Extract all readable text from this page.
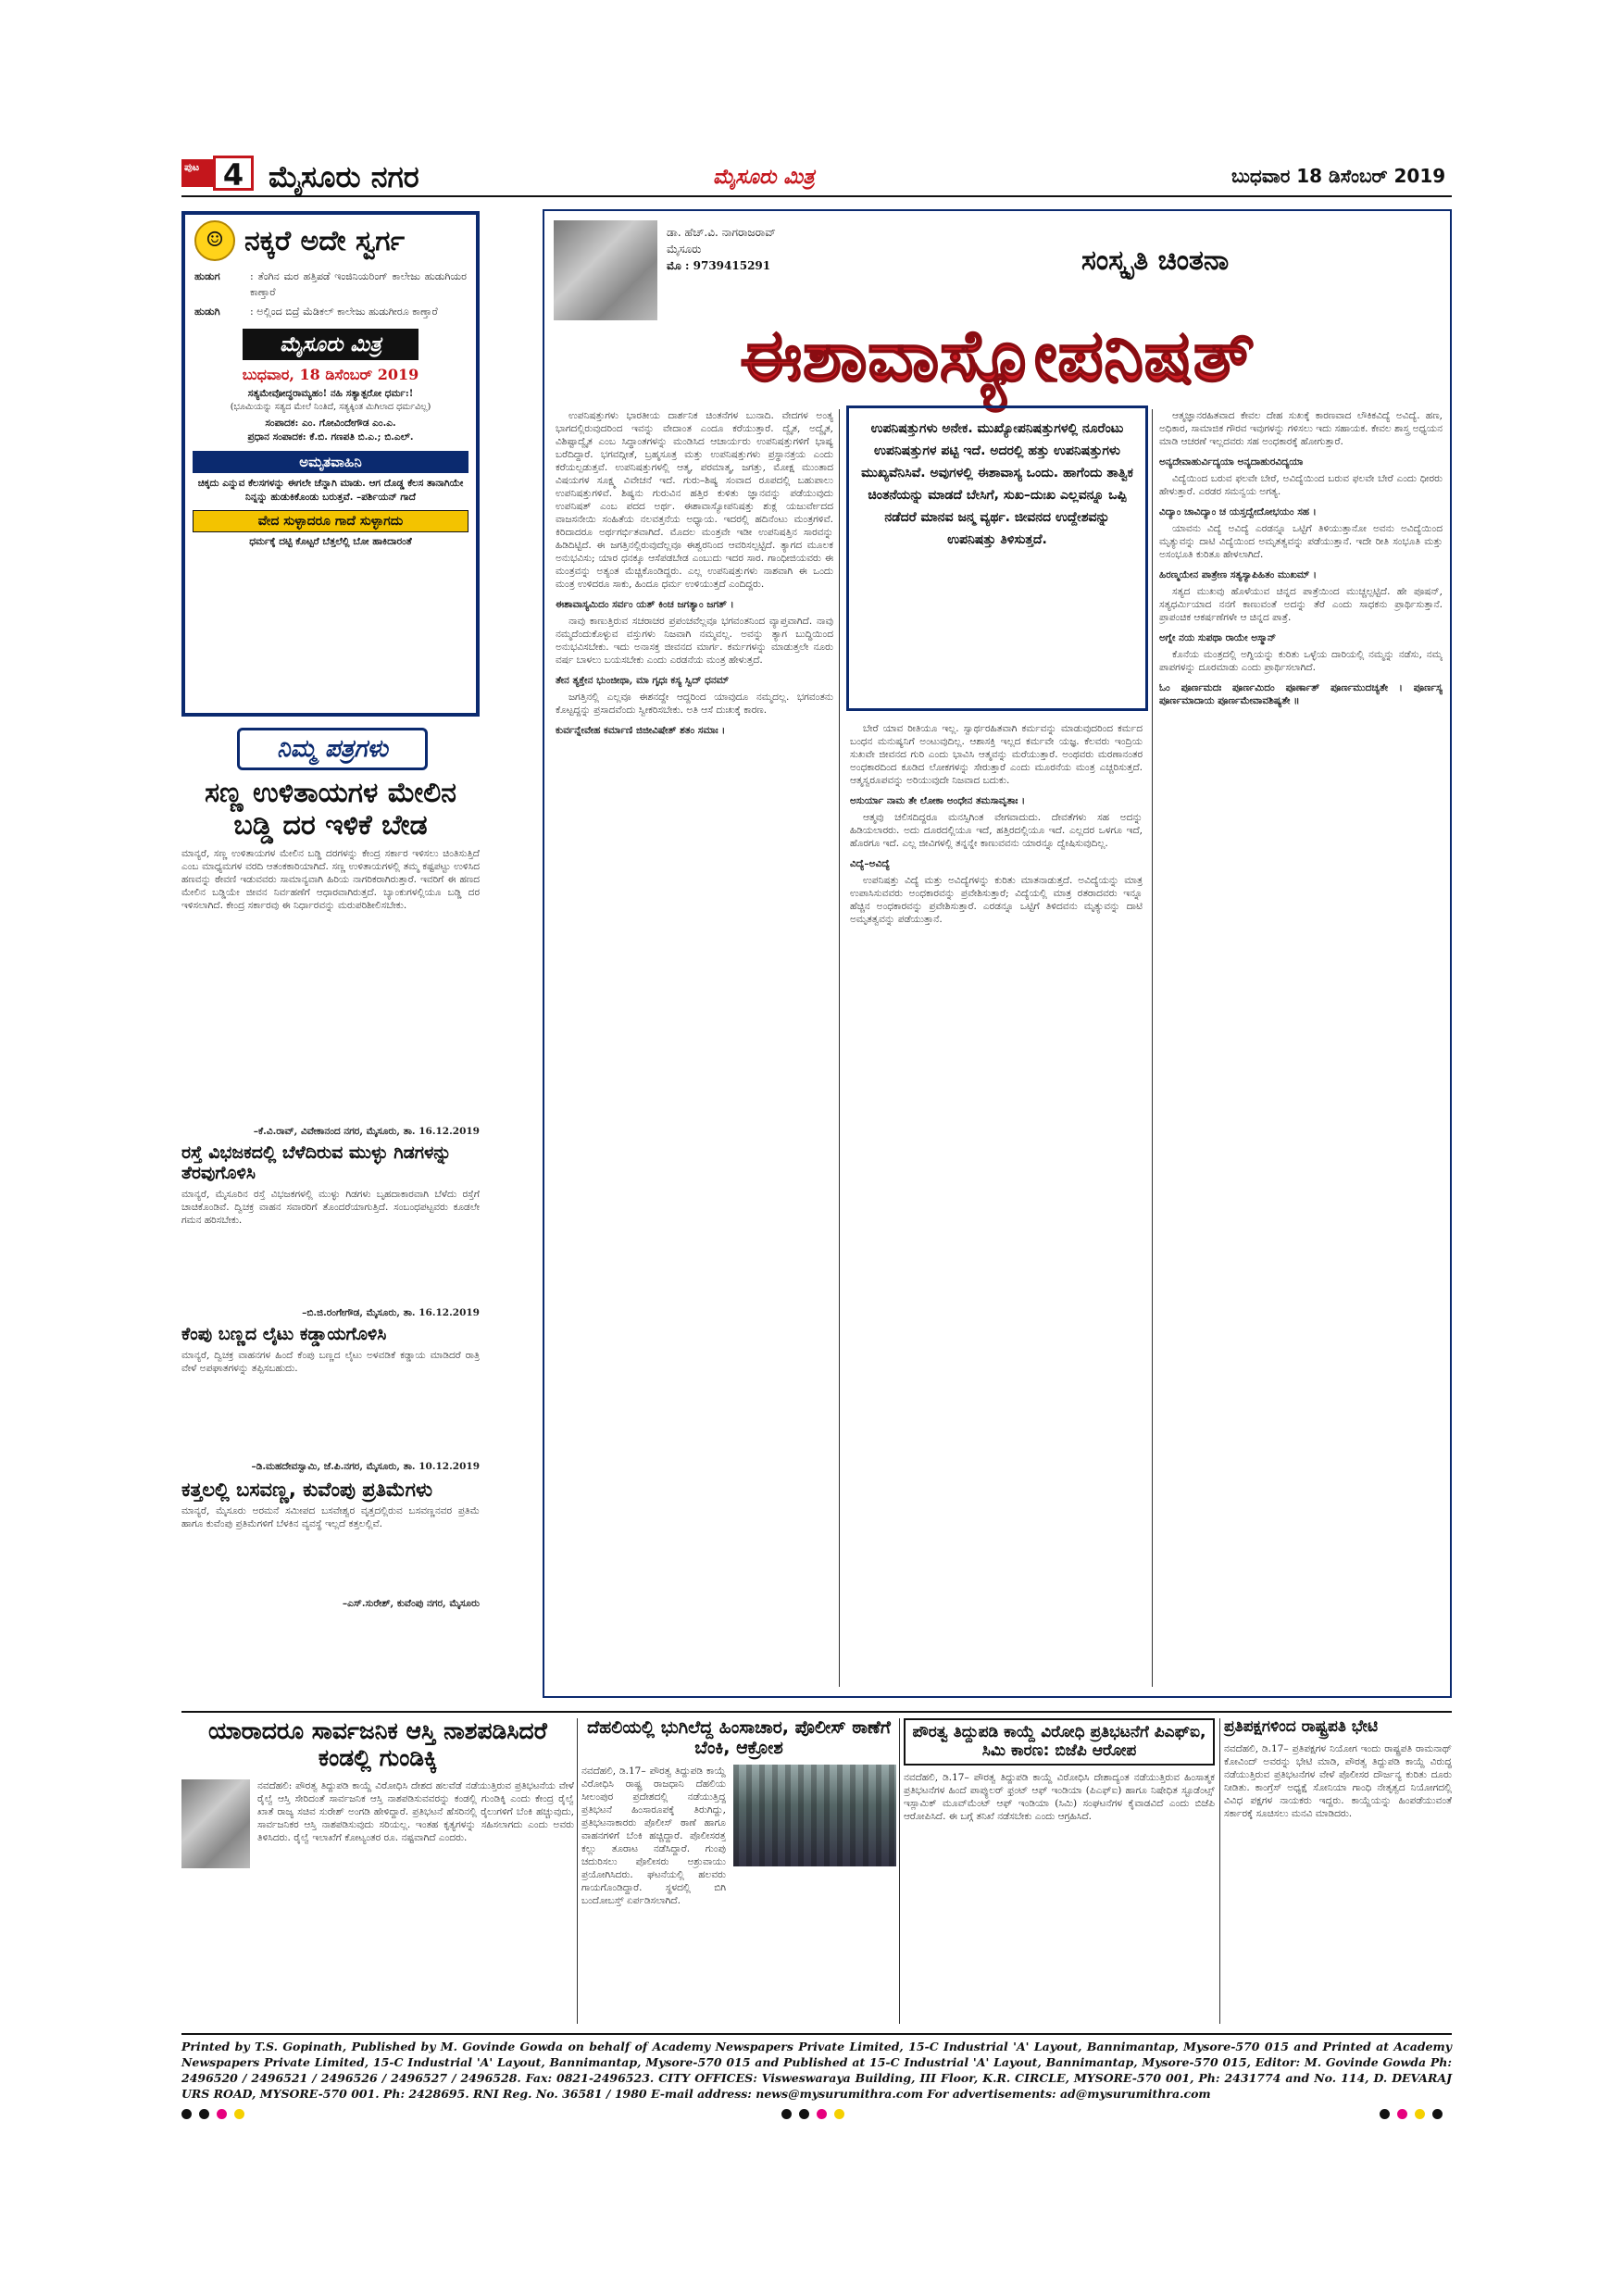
ಪುಟ 4 ಮೈಸೂರು ನಗರ	ಮೈಸೂರು ಮಿತ್ರ	ಬುಧವಾರ 18 ಡಿಸೆಂಬರ್ 2019
☺ ನಕ್ಕರೆ ಅದೇ ಸ್ವರ್ಗ
ಹುಡುಗ	: ತೆಂಗಿನ ಮರ ಹತ್ತಿಪಡೆ ಇಂಜಿನಿಯರಿಂಗ್ ಕಾಲೇಜು ಹುಡುಗಿಯರ ಕಾಣ್ತಾರೆ
ಹುಡುಗಿ	: ಅಲ್ಲಿಂದ ಬಿದ್ರೆ ಮೆಡಿಕಲ್ ಕಾಲೇಜು ಹುಡುಗೀರೂ ಕಾಣ್ತಾರೆ
ಮೈಸೂರು ಮಿತ್ರ
ಬುಧವಾರ, 18 ಡಿಸೆಂಬರ್ 2019
ಸತ್ಯಮೇವೋದ್ಧರಾಮ್ಯಹಂ! ನಹಿ ಸತ್ಯಾತ್ಪರೋ ಧರ್ಮ:!
(ಭೂಮಿಯನ್ನು ಸತ್ಯದ ಮೇಲೆ ನಿಂತಿದೆ, ಸತ್ಯಕ್ಕಿಂತ ಮಿಗಿಲಾದ ಧರ್ಮವಿಲ್ಲ)
ಸಂಪಾದಕ: ಎಂ. ಗೋವಿಂದೇಗೌಡ ಎಂ.ಎ.
ಪ್ರಧಾನ ಸಂಪಾದಕ: ಕೆ.ಬಿ. ಗಣಪತಿ ಬಿ.ಎ.; ಬಿ.ಎಲ್.
ಅಮೃತವಾಹಿನಿ
ಚಿಕ್ಕದು ಎನ್ನುವ ಕೆಲಸಗಳನ್ನು ಈಗಲೇ ಚೆನ್ನಾಗಿ ಮಾಡು. ಆಗ ದೊಡ್ಡ ಕೆಲಸ ತಾನಾಗಿಯೇ ನಿನ್ನನ್ನು ಹುಡುಕಿಕೊಂಡು ಬರುತ್ತವೆ. –ಪರ್ಶಿಯನ್ ಗಾದೆ
ವೇದ ಸುಳ್ಳಾದರೂ ಗಾದೆ ಸುಳ್ಳಾಗದು
ಧರ್ಮಕ್ಕೆ ದಟ್ಟಿ ಕೊಟ್ಟರೆ ಬೆತ್ತಲೆಲ್ಲಿ ಬೋ ಹಾಕಿದಾರಂತೆ
ನಿಮ್ಮ ಪತ್ರಗಳು
ಸಣ್ಣ ಉಳಿತಾಯಗಳ ಮೇಲಿನ ಬಡ್ಡಿ ದರ ಇಳಿಕೆ ಬೇಡ
ಮಾನ್ಯರೆ, ಸಣ್ಣ ಉಳಿತಾಯಗಳ ಮೇಲಿನ ಬಡ್ಡಿ ದರಗಳನ್ನು ಕೇಂದ್ರ ಸರ್ಕಾರ ಇಳಿಸಲು ಚಿಂತಿಸುತ್ತಿದೆ ಎಂಬ ಮಾಧ್ಯಮಗಳ ವರದಿ ಆತಂಕಕಾರಿಯಾಗಿದೆ. ಸಣ್ಣ ಉಳಿತಾಯಗಳಲ್ಲಿ ತಮ್ಮ ಕಷ್ಟಪಟ್ಟು ಉಳಿಸಿದ ಹಣವನ್ನು ಠೇವಣಿ ಇಡುವವರು ಸಾಮಾನ್ಯವಾಗಿ ಹಿರಿಯ ನಾಗರಿಕರಾಗಿರುತ್ತಾರೆ. ಇವರಿಗೆ ಈ ಹಣದ ಮೇಲಿನ ಬಡ್ಡಿಯೇ ಜೀವನ ನಿರ್ವಹಣೆಗೆ ಆಧಾರವಾಗಿರುತ್ತದೆ. ಬ್ಯಾಂಕುಗಳಲ್ಲಿಯೂ ಬಡ್ಡಿ ದರ ಇಳಿಸಲಾಗಿದೆ. ಕೇಂದ್ರ ಸರ್ಕಾರವು ಈ ನಿರ್ಧಾರವನ್ನು ಮರುಪರಿಶೀಲಿಸಬೇಕು.
–ಕೆ.ವಿ.ರಾವ್, ವಿವೇಕಾನಂದ ನಗರ, ಮೈಸೂರು, ತಾ. 16.12.2019
ರಸ್ತೆ ವಿಭಜಕದಲ್ಲಿ ಬೆಳೆದಿರುವ ಮುಳ್ಳು ಗಿಡಗಳನ್ನು ತೆರವುಗೊಳಿಸಿ
ಮಾನ್ಯರೆ, ಮೈಸೂರಿನ ರಸ್ತೆ ವಿಭಜಕಗಳಲ್ಲಿ ಮುಳ್ಳು ಗಿಡಗಳು ಬೃಹದಾಕಾರವಾಗಿ ಬೆಳೆದು ರಸ್ತೆಗೆ ಚಾಚಿಕೊಂಡಿವೆ. ದ್ವಿಚಕ್ರ ವಾಹನ ಸವಾರರಿಗೆ ತೊಂದರೆಯಾಗುತ್ತಿದೆ. ಸಂಬಂಧಪಟ್ಟವರು ಕೂಡಲೇ ಗಮನ ಹರಿಸಬೇಕು.
–ಬಿ.ಜಿ.ರಂಗೇಗೌಡ, ಮೈಸೂರು, ತಾ. 16.12.2019
ಕೆಂಪು ಬಣ್ಣದ ಲೈಟು ಕಡ್ಡಾಯಗೊಳಿಸಿ
ಮಾನ್ಯರೆ, ದ್ವಿಚಕ್ರ ವಾಹನಗಳ ಹಿಂದೆ ಕೆಂಪು ಬಣ್ಣದ ಲೈಟು ಅಳವಡಿಕೆ ಕಡ್ಡಾಯ ಮಾಡಿದರೆ ರಾತ್ರಿ ವೇಳೆ ಅಪಘಾತಗಳನ್ನು ತಪ್ಪಿಸಬಹುದು.
–ಡಿ.ಮಹದೇವಸ್ವಾಮಿ, ಜೆ.ಪಿ.ನಗರ, ಮೈಸೂರು, ತಾ. 10.12.2019
ಕತ್ತಲಲ್ಲಿ ಬಸವಣ್ಣ, ಕುವೆಂಪು ಪ್ರತಿಮೆಗಳು
ಮಾನ್ಯರೆ, ಮೈಸೂರು ಅರಮನೆ ಸಮೀಪದ ಬಸವೇಶ್ವರ ವೃತ್ತದಲ್ಲಿರುವ ಬಸವಣ್ಣನವರ ಪ್ರತಿಮೆ ಹಾಗೂ ಕುವೆಂಪು ಪ್ರತಿಮೆಗಳಿಗೆ ಬೆಳಕಿನ ವ್ಯವಸ್ಥೆ ಇಲ್ಲದೆ ಕತ್ತಲಲ್ಲಿವೆ.
–ಎಸ್.ಸುರೇಶ್, ಕುವೆಂಪು ನಗರ, ಮೈಸೂರು
ಡಾ. ಹೆಚ್.ವಿ. ನಾಗರಾಜರಾವ್
ಮೈಸೂರು
ಮೊ : 9739415291	ಸಂಸ್ಕೃತಿ ಚಿಂತನಾ
ಈಶಾವಾಸ್ಯೋಪನಿಷತ್

ಉಪನಿಷತ್ತುಗಳು ಭಾರತೀಯ ದಾರ್ಶನಿಕ ಚಿಂತನೆಗಳ ಬುನಾದಿ. ವೇದಗಳ ಅಂತ್ಯ ಭಾಗದಲ್ಲಿರುವುದರಿಂದ ಇವನ್ನು ವೇದಾಂತ ಎಂದೂ ಕರೆಯುತ್ತಾರೆ. ದ್ವೈತ, ಅದ್ವೈತ, ವಿಶಿಷ್ಟಾದ್ವೈತ ಎಂಬ ಸಿದ್ಧಾಂತಗಳನ್ನು ಮಂಡಿಸಿದ ಆಚಾರ್ಯರು ಉಪನಿಷತ್ತುಗಳಿಗೆ ಭಾಷ್ಯ ಬರೆದಿದ್ದಾರೆ. ಭಗವದ್ಗೀತೆ, ಬ್ರಹ್ಮಸೂತ್ರ ಮತ್ತು ಉಪನಿಷತ್ತುಗಳು ಪ್ರಸ್ಥಾನತ್ರಯ ಎಂದು ಕರೆಯಲ್ಪಡುತ್ತವೆ. ಉಪನಿಷತ್ತುಗಳಲ್ಲಿ ಆತ್ಮ, ಪರಮಾತ್ಮ, ಜಗತ್ತು, ಮೋಕ್ಷ ಮುಂತಾದ ವಿಷಯಗಳ ಸೂಕ್ಷ್ಮ ವಿವೇಚನೆ ಇದೆ. ಗುರು–ಶಿಷ್ಯ ಸಂವಾದ ರೂಪದಲ್ಲಿ ಬಹುಪಾಲು ಉಪನಿಷತ್ತುಗಳಿವೆ. ಶಿಷ್ಯನು ಗುರುವಿನ ಹತ್ತಿರ ಕುಳಿತು ಜ್ಞಾನವನ್ನು ಪಡೆಯುವುದು ಉಪನಿಷತ್ ಎಂಬ ಪದದ ಅರ್ಥ. ಈಶಾವಾಸ್ಯೋಪನಿಷತ್ತು ಶುಕ್ಲ ಯಜುರ್ವೇದದ ವಾಜಸನೇಯಿ ಸಂಹಿತೆಯ ನಲವತ್ತನೆಯ ಅಧ್ಯಾಯ. ಇದರಲ್ಲಿ ಹದಿನೆಂಟು ಮಂತ್ರಗಳಿವೆ. ಕಿರಿದಾದರೂ ಅರ್ಥಗರ್ಭಿತವಾಗಿದೆ. ಮೊದಲ ಮಂತ್ರವೇ ಇಡೀ ಉಪನಿಷತ್ತಿನ ಸಾರವನ್ನು ಹಿಡಿದಿಟ್ಟಿದೆ. ಈ ಜಗತ್ತಿನಲ್ಲಿರುವುದೆಲ್ಲವೂ ಈಶ್ವರನಿಂದ ಆವರಿಸಲ್ಪಟ್ಟಿದೆ. ತ್ಯಾಗದ ಮೂಲಕ ಅನುಭವಿಸು; ಯಾರ ಧನಕ್ಕೂ ಆಸೆಪಡಬೇಡ ಎಂಬುದು ಇದರ ಸಾರ. ಗಾಂಧೀಜಿಯವರು ಈ ಮಂತ್ರವನ್ನು ಅತ್ಯಂತ ಮೆಚ್ಚಿಕೊಂಡಿದ್ದರು. ಎಲ್ಲ ಉಪನಿಷತ್ತುಗಳು ನಾಶವಾಗಿ ಈ ಒಂದು ಮಂತ್ರ ಉಳಿದರೂ ಸಾಕು, ಹಿಂದೂ ಧರ್ಮ ಉಳಿಯುತ್ತದೆ ಎಂದಿದ್ದರು.

ಈಶಾವಾಸ್ಯಮಿದಂ ಸರ್ವಂ ಯತ್ ಕಿಂಚ ಜಗತ್ಯಾಂ ಜಗತ್ ।

ನಾವು ಕಾಣುತ್ತಿರುವ ಸಚರಾಚರ ಪ್ರಪಂಚವೆಲ್ಲವೂ ಭಗವಂತನಿಂದ ವ್ಯಾಪ್ತವಾಗಿದೆ. ನಾವು ನಮ್ಮದೆಂದುಕೊಳ್ಳುವ ವಸ್ತುಗಳು ನಿಜವಾಗಿ ನಮ್ಮವಲ್ಲ. ಅವನ್ನು ತ್ಯಾಗ ಬುದ್ಧಿಯಿಂದ ಅನುಭವಿಸಬೇಕು. ಇದು ಅನಾಸಕ್ತ ಜೀವನದ ಮಾರ್ಗ. ಕರ್ಮಗಳನ್ನು ಮಾಡುತ್ತಲೇ ನೂರು ವರ್ಷ ಬಾಳಲು ಬಯಸಬೇಕು ಎಂದು ಎರಡನೆಯ ಮಂತ್ರ ಹೇಳುತ್ತದೆ.

ತೇನ ತ್ಯಕ್ತೇನ ಭುಂಜೀಥಾ, ಮಾ ಗೃಧಃ ಕಸ್ಯ ಸ್ವಿದ್ ಧನಮ್

ಜಗತ್ತಿನಲ್ಲಿ ಎಲ್ಲವೂ ಈಶನದ್ದೇ ಆದ್ದರಿಂದ ಯಾವುದೂ ನಮ್ಮದಲ್ಲ. ಭಗವಂತನು ಕೊಟ್ಟದ್ದನ್ನು ಪ್ರಸಾದವೆಂದು ಸ್ವೀಕರಿಸಬೇಕು. ಅತಿ ಆಸೆ ದುಃಖಕ್ಕೆ ಕಾರಣ.

ಕುರ್ವನ್ನೇವೇಹ ಕರ್ಮಾಣಿ ಜಿಜೀವಿಷೇತ್ ಶತಂ ಸಮಾಃ ।

ಉಪನಿಷತ್ತುಗಳು ಅನೇಕ. ಮುಖ್ಯೋಪನಿಷತ್ತುಗಳಲ್ಲಿ ನೂರೆಂಟು ಉಪನಿಷತ್ತುಗಳ ಪಟ್ಟಿ ಇದೆ. ಅದರಲ್ಲಿ ಹತ್ತು ಉಪನಿಷತ್ತುಗಳು ಮುಖ್ಯವೆನಿಸಿವೆ. ಅವುಗಳಲ್ಲಿ ಈಶಾವಾಸ್ಯ ಒಂದು. ಹಾಗೆಂದು ತಾತ್ವಿಕ ಚಿಂತನೆಯನ್ನು ಮಾಡದೆ ಬೇಸಿಗೆ, ಸುಖ–ದುಃಖ ಎಲ್ಲವನ್ನೂ ಒಪ್ಪಿ ನಡೆದರೆ ಮಾನವ ಜನ್ಮ ವ್ಯರ್ಥ. ಜೀವನದ ಉದ್ದೇಶವನ್ನು ಉಪನಿಷತ್ತು ತಿಳಿಸುತ್ತದೆ.

ಬೇರೆ ಯಾವ ರೀತಿಯೂ ಇಲ್ಲ. ಸ್ವಾರ್ಥರಹಿತವಾಗಿ ಕರ್ಮವನ್ನು ಮಾಡುವುದರಿಂದ ಕರ್ಮದ ಬಂಧನ ಮನುಷ್ಯನಿಗೆ ಅಂಟುವುದಿಲ್ಲ. ಆಶಾಸಕ್ತಿ ಇಲ್ಲದ ಕರ್ಮವೇ ಯಜ್ಞ. ಕೆಲವರು ಇಂದ್ರಿಯ ಸುಖವೇ ಜೀವನದ ಗುರಿ ಎಂದು ಭಾವಿಸಿ ಆತ್ಮವನ್ನು ಮರೆಯುತ್ತಾರೆ. ಅಂಥವರು ಮರಣಾನಂತರ ಅಂಧಕಾರದಿಂದ ಕೂಡಿದ ಲೋಕಗಳನ್ನು ಸೇರುತ್ತಾರೆ ಎಂದು ಮೂರನೆಯ ಮಂತ್ರ ಎಚ್ಚರಿಸುತ್ತದೆ. ಆತ್ಮಸ್ವರೂಪವನ್ನು ಅರಿಯುವುದೇ ನಿಜವಾದ ಬದುಕು.

ಅಸುರ್ಯಾ ನಾಮ ತೇ ಲೋಕಾ ಅಂಧೇನ ತಮಸಾವೃತಾಃ ।

ಆತ್ಮವು ಚಲಿಸದಿದ್ದರೂ ಮನಸ್ಸಿಗಿಂತ ವೇಗವಾದುದು. ದೇವತೆಗಳು ಸಹ ಅದನ್ನು ಹಿಡಿಯಲಾರರು. ಅದು ದೂರದಲ್ಲಿಯೂ ಇದೆ, ಹತ್ತಿರದಲ್ಲಿಯೂ ಇದೆ. ಎಲ್ಲದರ ಒಳಗೂ ಇದೆ, ಹೊರಗೂ ಇದೆ. ಎಲ್ಲ ಜೀವಿಗಳಲ್ಲಿ ತನ್ನನ್ನೇ ಕಾಣುವವನು ಯಾರನ್ನೂ ದ್ವೇಷಿಸುವುದಿಲ್ಲ.

ವಿದ್ಯೆ–ಅವಿದ್ಯೆ

ಉಪನಿಷತ್ತು ವಿದ್ಯೆ ಮತ್ತು ಅವಿದ್ಯೆಗಳನ್ನು ಕುರಿತು ಮಾತನಾಡುತ್ತದೆ. ಅವಿದ್ಯೆಯನ್ನು ಮಾತ್ರ ಉಪಾಸಿಸುವವರು ಅಂಧಕಾರವನ್ನು ಪ್ರವೇಶಿಸುತ್ತಾರೆ; ವಿದ್ಯೆಯಲ್ಲಿ ಮಾತ್ರ ರತರಾದವರು ಇನ್ನೂ ಹೆಚ್ಚಿನ ಅಂಧಕಾರವನ್ನು ಪ್ರವೇಶಿಸುತ್ತಾರೆ. ಎರಡನ್ನೂ ಒಟ್ಟಿಗೆ ತಿಳಿದವನು ಮೃತ್ಯುವನ್ನು ದಾಟಿ ಅಮೃತತ್ವವನ್ನು ಪಡೆಯುತ್ತಾನೆ.

ಆತ್ಮಜ್ಞಾನರಹಿತವಾದ ಕೇವಲ ದೇಹ ಸುಖಕ್ಕೆ ಕಾರಣವಾದ ಲೌಕಿಕವಿದ್ಯೆ ಅವಿದ್ಯೆ. ಹಣ, ಅಧಿಕಾರ, ಸಾಮಾಜಿಕ ಗೌರವ ಇವುಗಳನ್ನು ಗಳಿಸಲು ಇದು ಸಹಾಯಕ. ಕೇವಲ ಶಾಸ್ತ್ರ ಅಧ್ಯಯನ ಮಾಡಿ ಆಚರಣೆ ಇಲ್ಲದವರು ಸಹ ಅಂಧಕಾರಕ್ಕೆ ಹೋಗುತ್ತಾರೆ.

ಅನ್ಯದೇವಾಹುರ್ವಿದ್ಯಯಾ ಅನ್ಯದಾಹುರವಿದ್ಯಯಾ

ವಿದ್ಯೆಯಿಂದ ಬರುವ ಫಲವೇ ಬೇರೆ, ಅವಿದ್ಯೆಯಿಂದ ಬರುವ ಫಲವೇ ಬೇರೆ ಎಂದು ಧೀರರು ಹೇಳುತ್ತಾರೆ. ಎರಡರ ಸಮನ್ವಯ ಅಗತ್ಯ.

ವಿದ್ಯಾಂ ಚಾವಿದ್ಯಾಂ ಚ ಯಸ್ತದ್ವೇದೋಭಯಂ ಸಹ ।

ಯಾವನು ವಿದ್ಯೆ ಅವಿದ್ಯೆ ಎರಡನ್ನೂ ಒಟ್ಟಿಗೆ ತಿಳಿಯುತ್ತಾನೋ ಅವನು ಅವಿದ್ಯೆಯಿಂದ ಮೃತ್ಯುವನ್ನು ದಾಟಿ ವಿದ್ಯೆಯಿಂದ ಅಮೃತತ್ವವನ್ನು ಪಡೆಯುತ್ತಾನೆ. ಇದೇ ರೀತಿ ಸಂಭೂತಿ ಮತ್ತು ಅಸಂಭೂತಿ ಕುರಿತೂ ಹೇಳಲಾಗಿದೆ.

ಹಿರಣ್ಮಯೇನ ಪಾತ್ರೇಣ ಸತ್ಯಸ್ಯಾಪಿಹಿತಂ ಮುಖಮ್ ।

ಸತ್ಯದ ಮುಖವು ಹೊಳೆಯುವ ಚಿನ್ನದ ಪಾತ್ರೆಯಿಂದ ಮುಚ್ಚಲ್ಪಟ್ಟಿದೆ. ಹೇ ಪೂಷನ್, ಸತ್ಯಧರ್ಮಿಯಾದ ನನಗೆ ಕಾಣುವಂತೆ ಅದನ್ನು ತೆರೆ ಎಂದು ಸಾಧಕನು ಪ್ರಾರ್ಥಿಸುತ್ತಾನೆ. ಪ್ರಾಪಂಚಿಕ ಆಕರ್ಷಣೆಗಳೇ ಆ ಚಿನ್ನದ ಪಾತ್ರೆ.

ಅಗ್ನೇ ನಯ ಸುಪಥಾ ರಾಯೇ ಅಸ್ಮಾನ್

ಕೊನೆಯ ಮಂತ್ರದಲ್ಲಿ ಅಗ್ನಿಯನ್ನು ಕುರಿತು ಒಳ್ಳೆಯ ದಾರಿಯಲ್ಲಿ ನಮ್ಮನ್ನು ನಡೆಸು, ನಮ್ಮ ಪಾಪಗಳನ್ನು ದೂರಮಾಡು ಎಂದು ಪ್ರಾರ್ಥಿಸಲಾಗಿದೆ.

ಓಂ ಪೂರ್ಣಮದಃ ಪೂರ್ಣಮಿದಂ ಪೂರ್ಣಾತ್ ಪೂರ್ಣಮುದಚ್ಯತೇ । ಪೂರ್ಣಸ್ಯ ಪೂರ್ಣಮಾದಾಯ ಪೂರ್ಣಮೇವಾವಶಿಷ್ಯತೇ ॥

ಯಾರಾದರೂ ಸಾರ್ವಜನಿಕ ಆಸ್ತಿ ನಾಶಪಡಿಸಿದರೆ ಕಂಡಲ್ಲಿ ಗುಂಡಿಕ್ಕಿ
ನವದೆಹಲಿ: ಪೌರತ್ವ ತಿದ್ದುಪಡಿ ಕಾಯ್ದೆ ವಿರೋಧಿಸಿ ದೇಶದ ಹಲವೆಡೆ ನಡೆಯುತ್ತಿರುವ ಪ್ರತಿಭಟನೆಯ ವೇಳೆ ರೈಲ್ವೆ ಆಸ್ತಿ ಸೇರಿದಂತೆ ಸಾರ್ವಜನಿಕ ಆಸ್ತಿ ನಾಶಪಡಿಸುವವರನ್ನು ಕಂಡಲ್ಲಿ ಗುಂಡಿಕ್ಕಿ ಎಂದು ಕೇಂದ್ರ ರೈಲ್ವೆ ಖಾತೆ ರಾಜ್ಯ ಸಚಿವ ಸುರೇಶ್ ಅಂಗಡಿ ಹೇಳಿದ್ದಾರೆ. ಪ್ರತಿಭಟನೆ ಹೆಸರಿನಲ್ಲಿ ರೈಲುಗಳಿಗೆ ಬೆಂಕಿ ಹಚ್ಚುವುದು, ಸಾರ್ವಜನಿಕರ ಆಸ್ತಿ ನಾಶಪಡಿಸುವುದು ಸರಿಯಲ್ಲ. ಇಂತಹ ಕೃತ್ಯಗಳನ್ನು ಸಹಿಸಲಾಗದು ಎಂದು ಅವರು ತಿಳಿಸಿದರು. ರೈಲ್ವೆ ಇಲಾಖೆಗೆ ಕೋಟ್ಯಂತರ ರೂ. ನಷ್ಟವಾಗಿದೆ ಎಂದರು.
ದೆಹಲಿಯಲ್ಲಿ ಭುಗಿಲೆದ್ದ ಹಿಂಸಾಚಾರ, ಪೊಲೀಸ್ ಠಾಣೆಗೆ ಬೆಂಕಿ, ಆಕ್ರೋಶ
ನವದೆಹಲಿ, ಡಿ.17– ಪೌರತ್ವ ತಿದ್ದುಪಡಿ ಕಾಯ್ದೆ ವಿರೋಧಿಸಿ ರಾಷ್ಟ್ರ ರಾಜಧಾನಿ ದೆಹಲಿಯ ಸೀಲಂಪುರ ಪ್ರದೇಶದಲ್ಲಿ ನಡೆಯುತ್ತಿದ್ದ ಪ್ರತಿಭಟನೆ ಹಿಂಸಾರೂಪಕ್ಕೆ ತಿರುಗಿದ್ದು, ಪ್ರತಿಭಟನಾಕಾರರು ಪೊಲೀಸ್ ಠಾಣೆ ಹಾಗೂ ವಾಹನಗಳಿಗೆ ಬೆಂಕಿ ಹಚ್ಚಿದ್ದಾರೆ. ಪೊಲೀಸರತ್ತ ಕಲ್ಲು ತೂರಾಟ ನಡೆಸಿದ್ದಾರೆ. ಗುಂಪು ಚದುರಿಸಲು ಪೊಲೀಸರು ಅಶ್ರುವಾಯು ಪ್ರಯೋಗಿಸಿದರು. ಘಟನೆಯಲ್ಲಿ ಹಲವರು ಗಾಯಗೊಂಡಿದ್ದಾರೆ. ಸ್ಥಳದಲ್ಲಿ ಬಿಗಿ ಬಂದೋಬಸ್ತ್ ಏರ್ಪಡಿಸಲಾಗಿದೆ.
ಪೌರತ್ವ ತಿದ್ದುಪಡಿ ಕಾಯ್ದೆ ವಿರೋಧಿ ಪ್ರತಿಭಟನೆಗೆ ಪಿಎಫ್ಐ, ಸಿಮಿ ಕಾರಣ: ಬಿಜೆಪಿ ಆರೋಪ
ನವದೆಹಲಿ, ಡಿ.17– ಪೌರತ್ವ ತಿದ್ದುಪಡಿ ಕಾಯ್ದೆ ವಿರೋಧಿಸಿ ದೇಶಾದ್ಯಂತ ನಡೆಯುತ್ತಿರುವ ಹಿಂಸಾತ್ಮಕ ಪ್ರತಿಭಟನೆಗಳ ಹಿಂದೆ ಪಾಪ್ಯುಲರ್ ಫ್ರಂಟ್ ಆಫ್ ಇಂಡಿಯಾ (ಪಿಎಫ್ಐ) ಹಾಗೂ ನಿಷೇಧಿತ ಸ್ಟೂಡೆಂಟ್ಸ್ ಇಸ್ಲಾಮಿಕ್ ಮೂವ್‌ಮೆಂಟ್ ಆಫ್ ಇಂಡಿಯಾ (ಸಿಮಿ) ಸಂಘಟನೆಗಳ ಕೈವಾಡವಿದೆ ಎಂದು ಬಿಜೆಪಿ ಆರೋಪಿಸಿದೆ. ಈ ಬಗ್ಗೆ ತನಿಖೆ ನಡೆಸಬೇಕು ಎಂದು ಆಗ್ರಹಿಸಿದೆ.
ಪ್ರತಿಪಕ್ಷಗಳಿಂದ ರಾಷ್ಟ್ರಪತಿ ಭೇಟಿ
ನವದೆಹಲಿ, ಡಿ.17– ಪ್ರತಿಪಕ್ಷಗಳ ನಿಯೋಗ ಇಂದು ರಾಷ್ಟ್ರಪತಿ ರಾಮನಾಥ್ ಕೋವಿಂದ್ ಅವರನ್ನು ಭೇಟಿ ಮಾಡಿ, ಪೌರತ್ವ ತಿದ್ದುಪಡಿ ಕಾಯ್ದೆ ವಿರುದ್ಧ ನಡೆಯುತ್ತಿರುವ ಪ್ರತಿಭಟನೆಗಳ ವೇಳೆ ಪೊಲೀಸರ ದೌರ್ಜನ್ಯ ಕುರಿತು ದೂರು ನೀಡಿತು. ಕಾಂಗ್ರೆಸ್ ಅಧ್ಯಕ್ಷೆ ಸೋನಿಯಾ ಗಾಂಧಿ ನೇತೃತ್ವದ ನಿಯೋಗದಲ್ಲಿ ವಿವಿಧ ಪಕ್ಷಗಳ ನಾಯಕರು ಇದ್ದರು. ಕಾಯ್ದೆಯನ್ನು ಹಿಂಪಡೆಯುವಂತೆ ಸರ್ಕಾರಕ್ಕೆ ಸೂಚಿಸಲು ಮನವಿ ಮಾಡಿದರು.
Printed by T.S. Gopinath, Published by M. Govinde Gowda on behalf of Academy Newspapers Private Limited, 15-C Industrial 'A' Layout, Bannimantap, Mysore-570 015 and Printed at Academy Newspapers Private Limited, 15-C Industrial 'A' Layout, Bannimantap, Mysore-570 015 and Published at 15-C Industrial 'A' Layout, Bannimantap, Mysore-570 015, Editor: M. Govinde Gowda Ph: 2496520 / 2496521 / 2496526 / 2496527 / 2496528. Fax: 0821-2496523. CITY OFFICES: Visweswaraya Building, III Floor, K.R. CIRCLE, MYSORE-570 001, Ph: 2431774 and No. 114, D. DEVARAJ URS ROAD, MYSORE-570 001. Ph: 2428695. RNI Reg. No. 36581 / 1980 E-mail address: news@mysurumithra.com For advertisements: ad@mysurumithra.com
